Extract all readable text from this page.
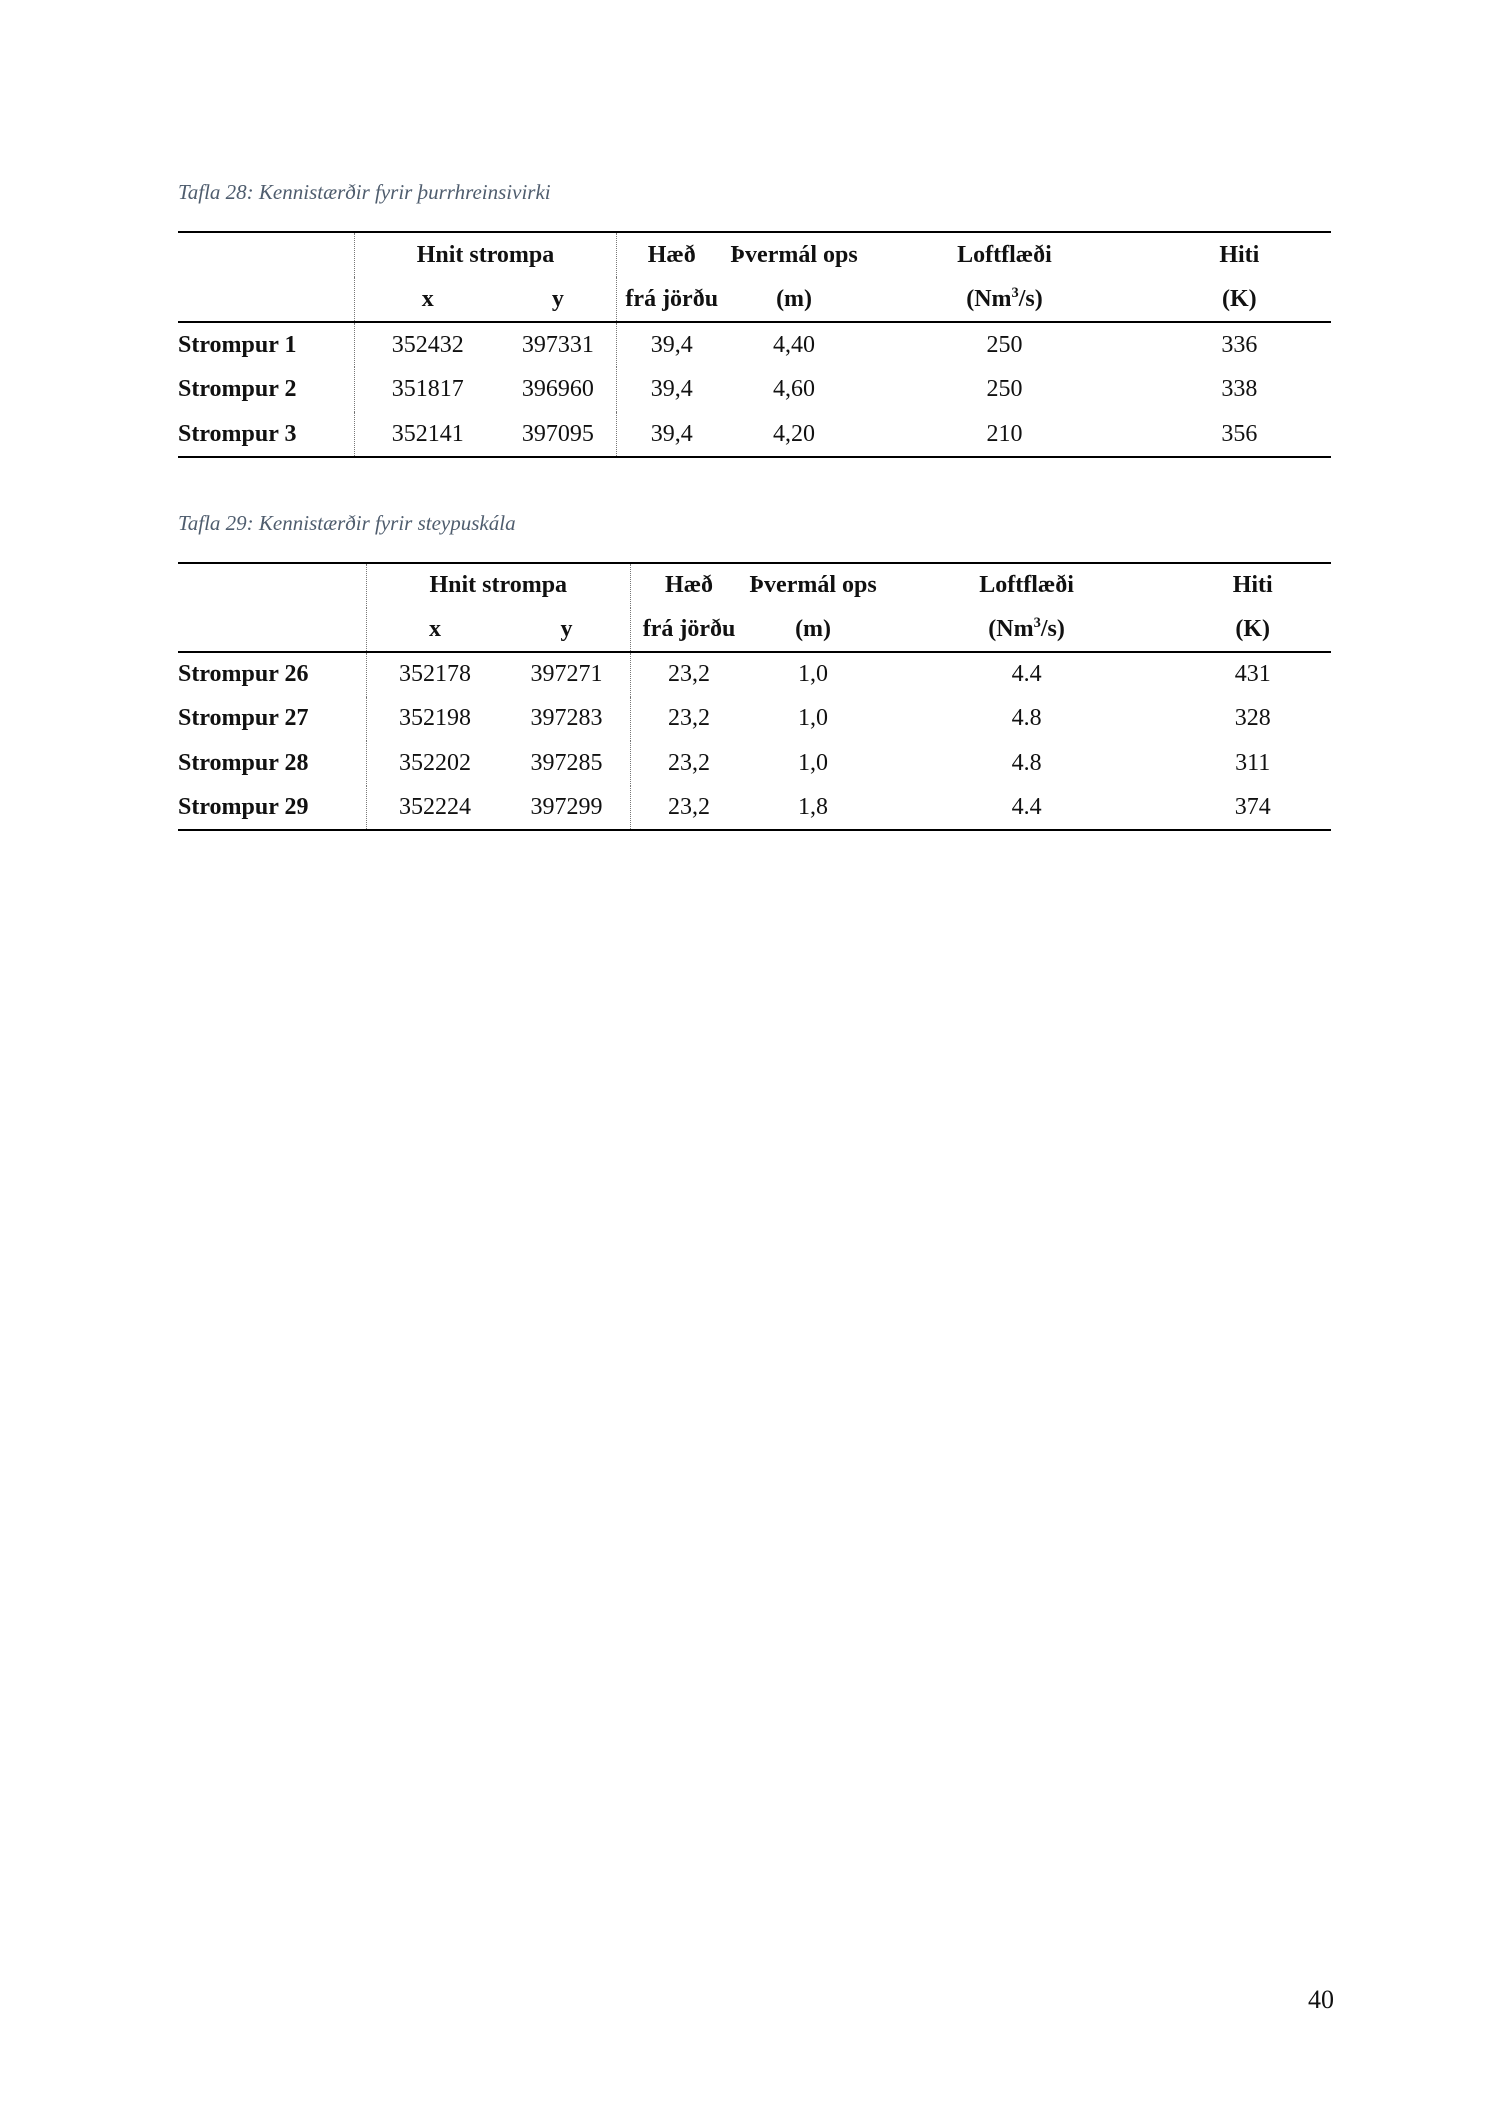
Tafla 28: Kennistærðir fyrir þurrhreinsivirki
	Hnit strompa		Hæð	Þvermál ops	Loftflæði	Hiti
	x	y	frá jörðu	(m)	(Nm$^3$/s)	(K)
Strompur 1	352432	397331	39,4	4,40	250	336
Strompur 2	351817	396960	39,4	4,60	250	338
Strompur 3	352141	397095	39,4	4,20	210	356
Tafla 29: Kennistærðir fyrir steypuskála
	Hnit strompa		Hæð	Þvermál ops	Loftflæði	Hiti
	x	y	frá jörðu	(m)	(Nm$^3$/s)	(K)
Strompur 26	352178	397271	23,2	1,0	4.4	431
Strompur 27	352198	397283	23,2	1,0	4.8	328
Strompur 28	352202	397285	23,2	1,0	4.8	311
Strompur 29	352224	397299	23,2	1,8	4.4	374
40
